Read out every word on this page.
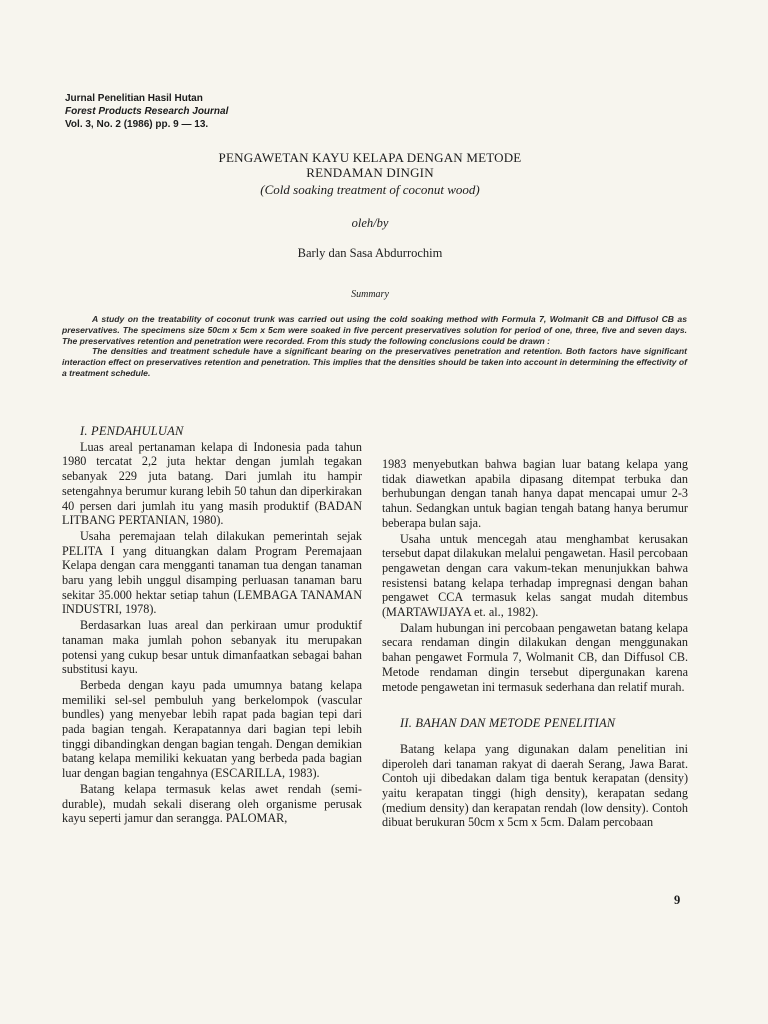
Jurnal Penelitian Hasil Hutan
Forest Products Research Journal
Vol. 3, No. 2 (1986) pp. 9 — 13.
PENGAWETAN KAYU KELAPA DENGAN METODE
RENDAMAN DINGIN
(Cold soaking treatment of coconut wood)
oleh/by
Barly dan Sasa Abdurrochim
Summary

A study on the treatability of coconut trunk was carried out using the cold soaking method with Formula 7, Wolmanit CB and Diffusol CB as preservatives. The specimens size 50cm x 5cm x 5cm were soaked in five percent preservatives solution for period of one, three, five and seven days. The preservatives retention and penetration were recorded. From this study the following conclusions could be drawn :

The densities and treatment schedule have a significant bearing on the preservatives penetration and retention. Both factors have significant interaction effect on preservatives retention and penetration. This implies that the densities should be taken into account in determining the effectivity of a treatment schedule.

I. PENDAHULUAN

Luas areal pertanaman kelapa di Indonesia pada tahun 1980 tercatat 2,2 juta hektar dengan jumlah tegakan sebanyak 229 juta batang. Dari jumlah itu hampir setengahnya berumur kurang lebih 50 tahun dan diperkirakan 40 persen dari jumlah itu yang masih produktif (BADAN LITBANG PERTANIAN, 1980).

Usaha peremajaan telah dilakukan pemerintah sejak PELITA I yang dituangkan dalam Program Peremajaan Kelapa dengan cara mengganti tanaman tua dengan tanaman baru yang lebih unggul disamping perluasan tanaman baru sekitar 35.000 hektar setiap tahun (LEMBAGA TANAMAN INDUSTRI, 1978).

Berdasarkan luas areal dan perkiraan umur produktif tanaman maka jumlah pohon sebanyak itu merupakan potensi yang cukup besar untuk dimanfaatkan sebagai bahan substitusi kayu.

Berbeda dengan kayu pada umumnya batang kelapa memiliki sel-sel pembuluh yang berkelompok (vascular bundles) yang menyebar lebih rapat pada bagian tepi dari pada bagian tengah. Kerapatannya dari bagian tepi lebih tinggi dibandingkan dengan bagian tengah. Dengan demikian batang kelapa memiliki kekuatan yang berbeda pada bagian luar dengan bagian tengahnya (ESCARILLA, 1983).

Batang kelapa termasuk kelas awet rendah (semi-durable), mudah sekali diserang oleh organisme perusak kayu seperti jamur dan serangga. PALOMAR,

1983 menyebutkan bahwa bagian luar batang kelapa yang tidak diawetkan apabila dipasang ditempat terbuka dan berhubungan dengan tanah hanya dapat mencapai umur 2-3 tahun. Sedangkan untuk bagian tengah batang hanya berumur beberapa bulan saja.

Usaha untuk mencegah atau menghambat kerusakan tersebut dapat dilakukan melalui pengawetan. Hasil percobaan pengawetan dengan cara vakum-tekan menunjukkan bahwa resistensi batang kelapa terhadap impregnasi dengan bahan pengawet CCA termasuk kelas sangat mudah ditembus (MARTAWIJAYA et. al., 1982).

Dalam hubungan ini percobaan pengawetan batang kelapa secara rendaman dingin dilakukan dengan menggunakan bahan pengawet Formula 7, Wolmanit CB, dan Diffusol CB. Metode rendaman dingin tersebut dipergunakan karena metode pengawetan ini termasuk sederhana dan relatif murah.

II. BAHAN DAN METODE PENELITIAN

Batang kelapa yang digunakan dalam penelitian ini diperoleh dari tanaman rakyat di daerah Serang, Jawa Barat. Contoh uji dibedakan dalam tiga bentuk kerapatan (density) yaitu kerapatan tinggi (high density), kerapatan sedang (medium density) dan kerapatan rendah (low density). Contoh dibuat berukuran 50cm x 5cm x 5cm. Dalam percobaan

9
